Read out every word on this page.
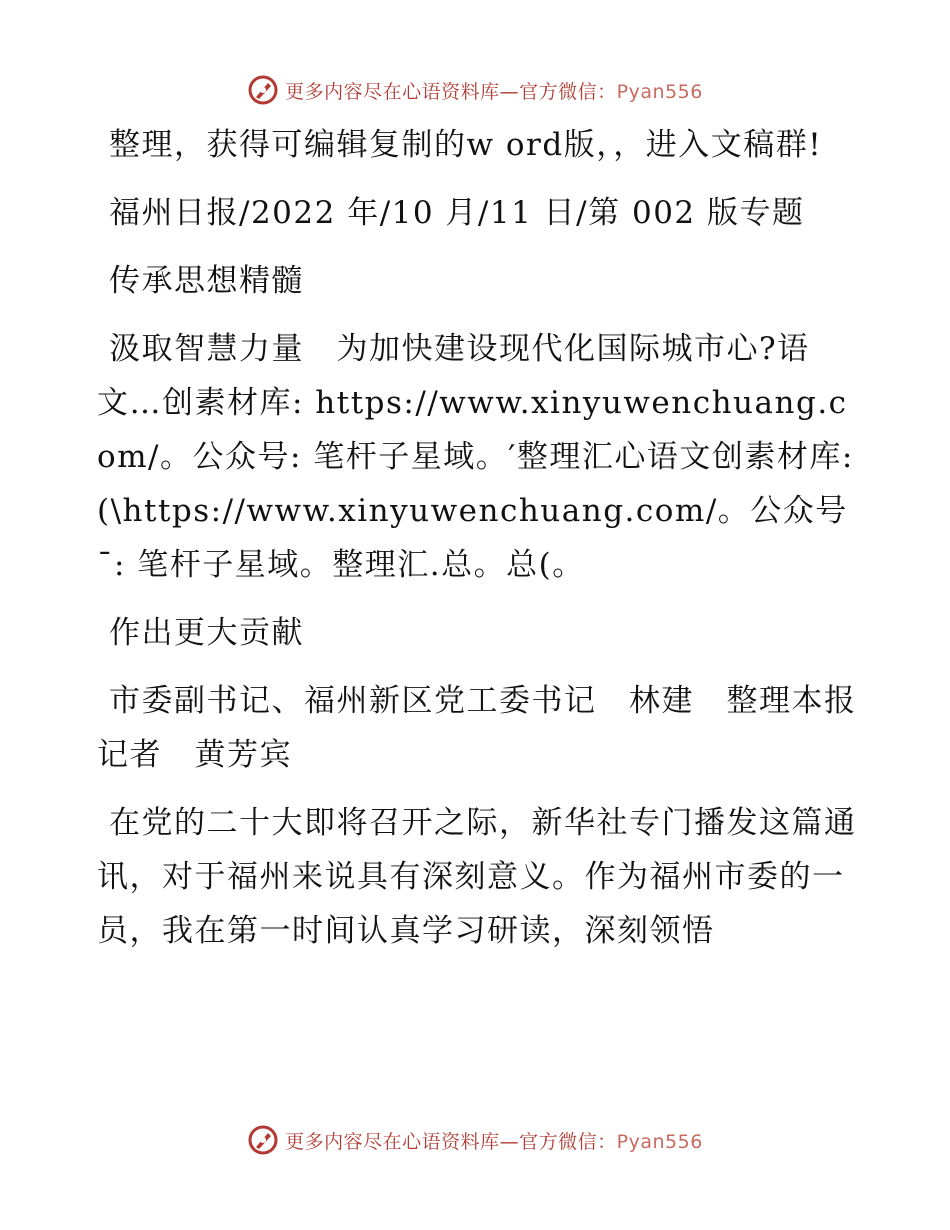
更多内容尽在心语资料库—官方微信：Pyan556

整理，获得可编辑复制的w ord版，，进入文稿群!

福州日报/2022 年/10 月/11 日/第 002 版专题

传承思想精髓

汲取智慧力量　为加快建设现代化国际城市心?语文…创素材库: https://www.xinyuwenchuang.com/。公众号: 笔杆子星域。′整理汇心语文创素材库: (\https://www.xinyuwenchuang.com/。公众号¯: 笔杆子星域。整理汇.总。总(。

作出更大贡献

市委副书记、福州新区党工委书记　林建　整理本报记者　黄芳宾

在党的二十大即将召开之际，新华社专门播发这篇通讯，对于福州来说具有深刻意义。作为福州市委的一员，我在第一时间认真学习研读，深刻领悟

更多内容尽在心语资料库—官方微信：Pyan556
